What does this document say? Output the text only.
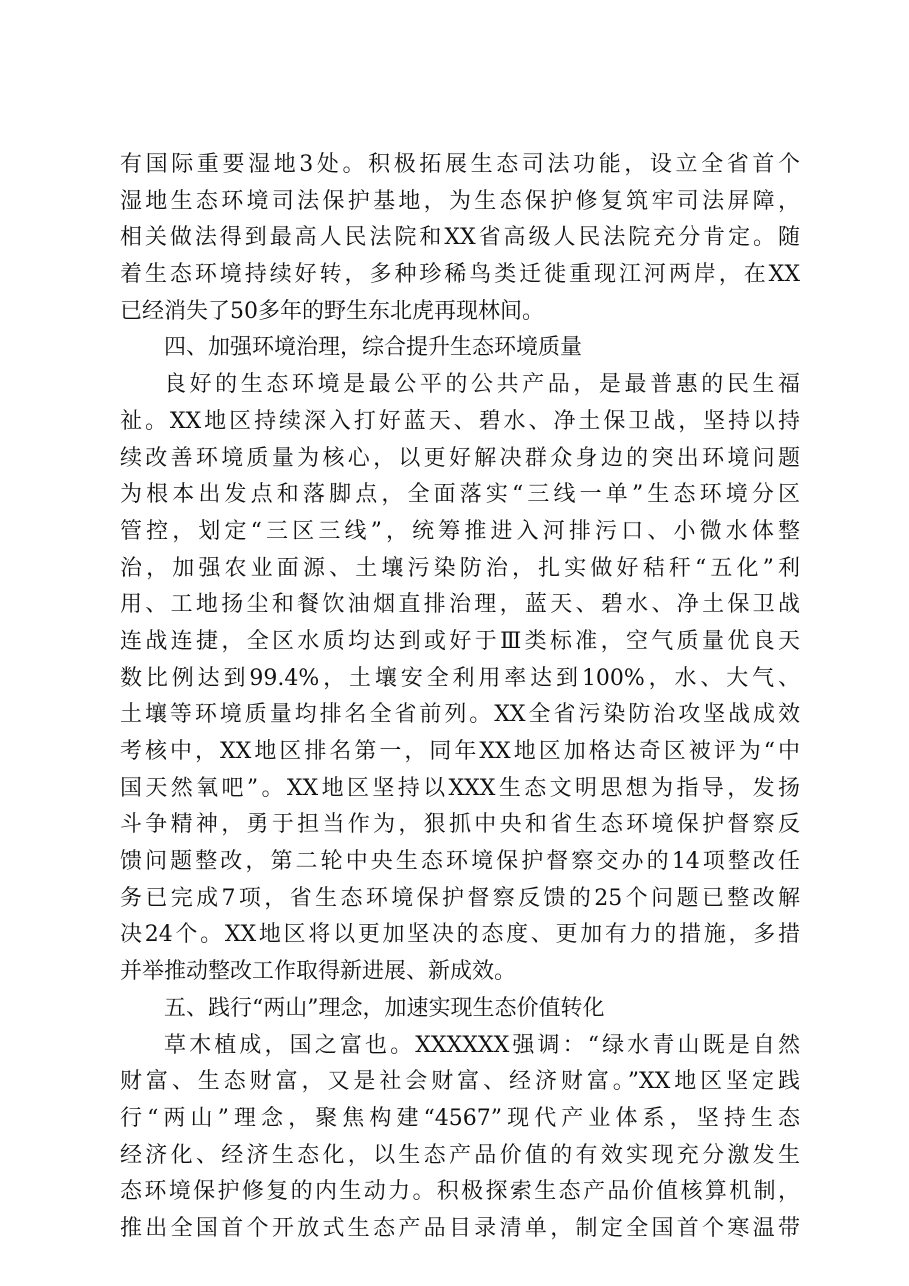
有国际重要湿地3处。积极拓展生态司法功能，设立全省首个
湿地生态环境司法保护基地，为生态保护修复筑牢司法屏障，
相关做法得到最高人民法院和XX省高级人民法院充分肯定。随
着生态环境持续好转，多种珍稀鸟类迁徙重现江河两岸，在XX
已经消失了50多年的野生东北虎再现林间。
四、加强环境治理，综合提升生态环境质量
良好的生态环境是最公平的公共产品，是最普惠的民生福
祉。XX地区持续深入打好蓝天、碧水、净土保卫战，坚持以持
续改善环境质量为核心，以更好解决群众身边的突出环境问题
为根本出发点和落脚点，全面落实“三线一单”生态环境分区
管控，划定“三区三线”，统筹推进入河排污口、小微水体整
治，加强农业面源、土壤污染防治，扎实做好秸秆“五化”利
用、工地扬尘和餐饮油烟直排治理，蓝天、碧水、净土保卫战
连战连捷，全区水质均达到或好于Ⅲ类标准，空气质量优良天
数比例达到99.4%，土壤安全利用率达到100%，水、大气、
土壤等环境质量均排名全省前列。XX全省污染防治攻坚战成效
考核中，XX地区排名第一，同年XX地区加格达奇区被评为“中
国天然氧吧”。XX地区坚持以XXX生态文明思想为指导，发扬
斗争精神，勇于担当作为，狠抓中央和省生态环境保护督察反
馈问题整改，第二轮中央生态环境保护督察交办的14项整改任
务已完成7项，省生态环境保护督察反馈的25个问题已整改解
决24个。XX地区将以更加坚决的态度、更加有力的措施，多措
并举推动整改工作取得新进展、新成效。
五、践行“两山”理念，加速实现生态价值转化
草木植成，国之富也。XXXXXX强调：“绿水青山既是自然
财富、生态财富，又是社会财富、经济财富。”XX地区坚定践
行“两山”理念，聚焦构建“4567”现代产业体系，坚持生态
经济化、经济生态化，以生态产品价值的有效实现充分激发生
态环境保护修复的内生动力。积极探索生态产品价值核算机制，
推出全国首个开放式生态产品目录清单，制定全国首个寒温带
